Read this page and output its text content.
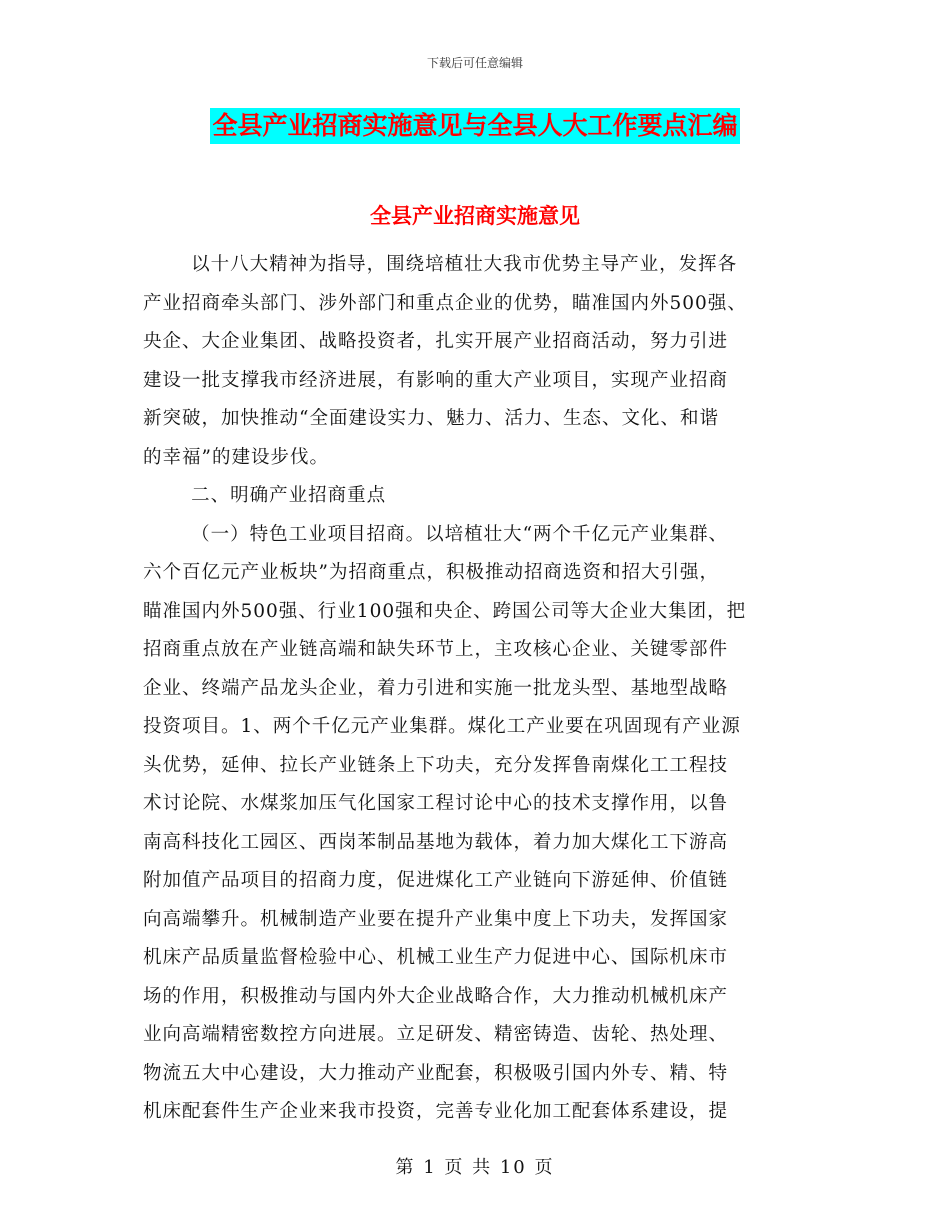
下载后可任意编辑
全县产业招商实施意见与全县人大工作要点汇编
全县产业招商实施意见
以十八大精神为指导，围绕培植壮大我市优势主导产业，发挥各
产业招商牵头部门、涉外部门和重点企业的优势，瞄准国内外500强、
央企、大企业集团、战略投资者，扎实开展产业招商活动，努力引进
建设一批支撑我市经济进展，有影响的重大产业项目，实现产业招商
新突破，加快推动“全面建设实力、魅力、活力、生态、文化、和谐
的幸福”的建设步伐。
二、明确产业招商重点
（一）特色工业项目招商。以培植壮大“两个千亿元产业集群、
六个百亿元产业板块”为招商重点，积极推动招商选资和招大引强，
瞄准国内外500强、行业100强和央企、跨国公司等大企业大集团，把
招商重点放在产业链高端和缺失环节上，主攻核心企业、关键零部件
企业、终端产品龙头企业，着力引进和实施一批龙头型、基地型战略
投资项目。1、两个千亿元产业集群。煤化工产业要在巩固现有产业源
头优势，延伸、拉长产业链条上下功夫，充分发挥鲁南煤化工工程技
术讨论院、水煤浆加压气化国家工程讨论中心的技术支撑作用，以鲁
南高科技化工园区、西岗苯制品基地为载体，着力加大煤化工下游高
附加值产品项目的招商力度，促进煤化工产业链向下游延伸、价值链
向高端攀升。机械制造产业要在提升产业集中度上下功夫，发挥国家
机床产品质量监督检验中心、机械工业生产力促进中心、国际机床市
场的作用，积极推动与国内外大企业战略合作，大力推动机械机床产
业向高端精密数控方向进展。立足研发、精密铸造、齿轮、热处理、
物流五大中心建设，大力推动产业配套，积极吸引国内外专、精、特
机床配套件生产企业来我市投资，完善专业化加工配套体系建设，提
第 1 页 共 10 页
